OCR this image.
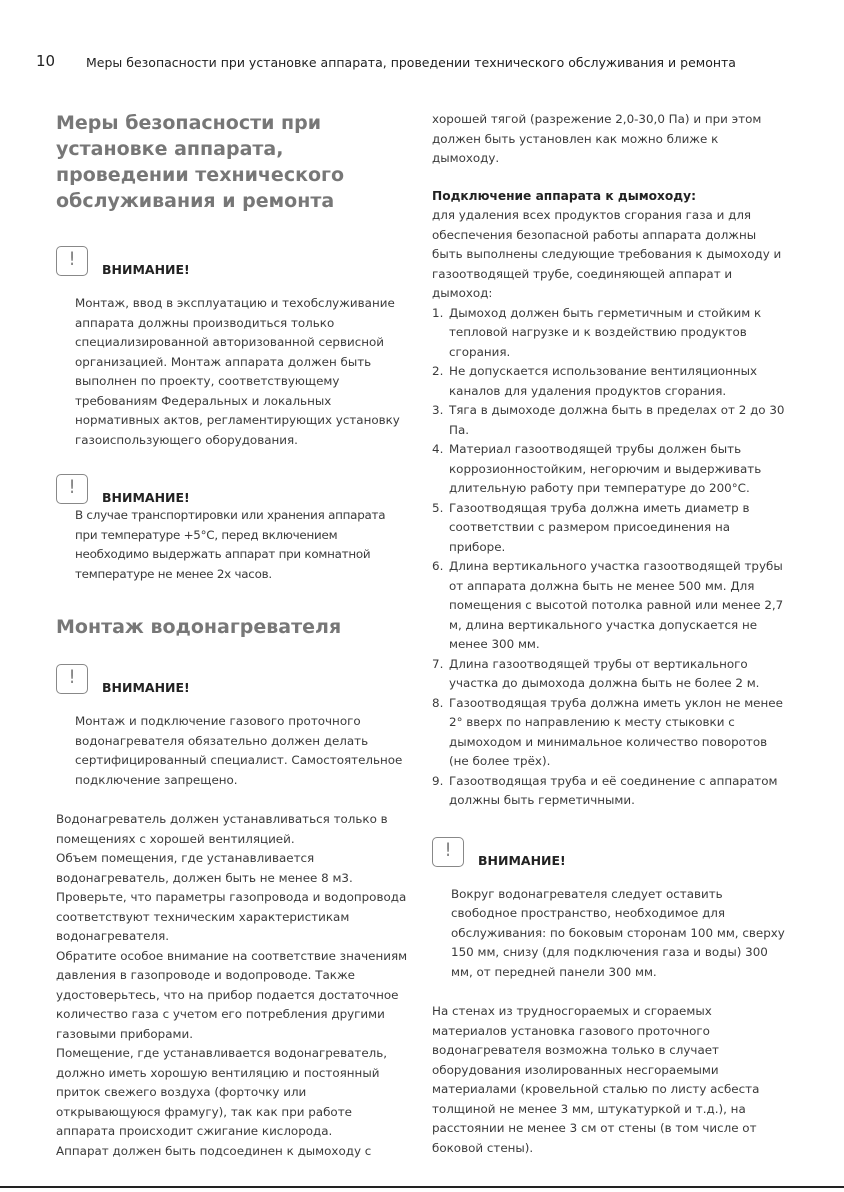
10 Меры безопасности при установке аппарата, проведении технического обслуживания и ремонта
Меры безопасности при установке аппарата, проведении технического обслуживания и ремонта
!	ВНИМАНИЕ!

Монтаж, ввод в эксплуатацию и техобслуживание аппарата должны производиться только специализированной авторизованной сервисной организацией. Монтаж аппарата должен быть выполнен по проекту, соответствующему требованиям Федеральных и локальных нормативных актов, регламентирующих установку газоиспользующего оборудования.

!	ВНИМАНИЕ!

В случае транспортировки или хранения аппарата при температуре +5°C, перед включением необходимо выдержать аппарат при комнатной температуре не менее 2х часов.

Монтаж водонагревателя
!	ВНИМАНИЕ!

Монтаж и подключение газового проточного водонагревателя обязательно должен делать сертифицированный специалист. Самостоятельное подключение запрещено.

Водонагреватель должен устанавливаться только в помещениях с хорошей вентиляцией.

Объем помещения, где устанавливается водонагреватель, должен быть не менее 8 м3.

Проверьте, что параметры газопровода и водопровода соответствуют техническим характеристикам водонагревателя.

Обратите особое внимание на соответствие значениям давления в газопроводе и водопроводе. Также удостоверьтесь, что на прибор подается достаточное количество газа с учетом его потребления другими газовыми приборами.

Помещение, где устанавливается водонагреватель, должно иметь хорошую вентиляцию и постоянный приток свежего воздуха (форточку или открывающуюся фрамугу), так как при работе аппарата происходит сжигание кислорода.

Аппарат должен быть подсоединен к дымоходу с

хорошей тягой (разрежение 2,0-30,0 Па) и при этом должен быть установлен как можно ближе к дымоходу.

Подключение аппарата к дымоходу:

для удаления всех продуктов сгорания газа и для обеспечения безопасной работы аппарата должны быть выполнены следующие требования к дымоходу и газоотводящей трубе, соединяющей аппарат и дымоход:

1. Дымоход должен быть герметичным и стойким к тепловой нагрузке и к воздействию продуктов сгорания.
2. Не допускается использование вентиляционных каналов для удаления продуктов сгорания.
3. Тяга в дымоходе должна быть в пределах от 2 до 30 Па.
4. Материал газоотводящей трубы должен быть коррозионностойким, негорючим и выдерживать длительную работу при температуре до 200°C.
5. Газоотводящая труба должна иметь диаметр в соответствии с размером присоединения на приборе.
6. Длина вертикального участка газоотводящей трубы от аппарата должна быть не менее 500 мм. Для помещения с высотой потолка равной или менее 2,7 м, длина вертикального участка допускается не менее 300 мм.
7. Длина газоотводящей трубы от вертикального участка до дымохода должна быть не более 2 м.
8. Газоотводящая труба должна иметь уклон не менее 2° вверх по направлению к месту стыковки с дымоходом и минимальное количество поворотов (не более трёх).
9. Газоотводящая труба и её соединение с аппаратом должны быть герметичными.
!	ВНИМАНИЕ!

Вокруг водонагревателя следует оставить свободное пространство, необходимое для обслуживания: по боковым сторонам 100 мм, сверху 150 мм, снизу (для подключения газа и воды) 300 мм, от передней панели 300 мм.

На стенах из трудносгораемых и сгораемых материалов установка газового проточного водонагревателя возможна только в случает оборудования изолированных несгораемыми материалами (кровельной сталью по листу асбеста толщиной не менее 3 мм, штукатуркой и т.д.), на расстоянии не менее 3 см от стены (в том числе от боковой стены).
